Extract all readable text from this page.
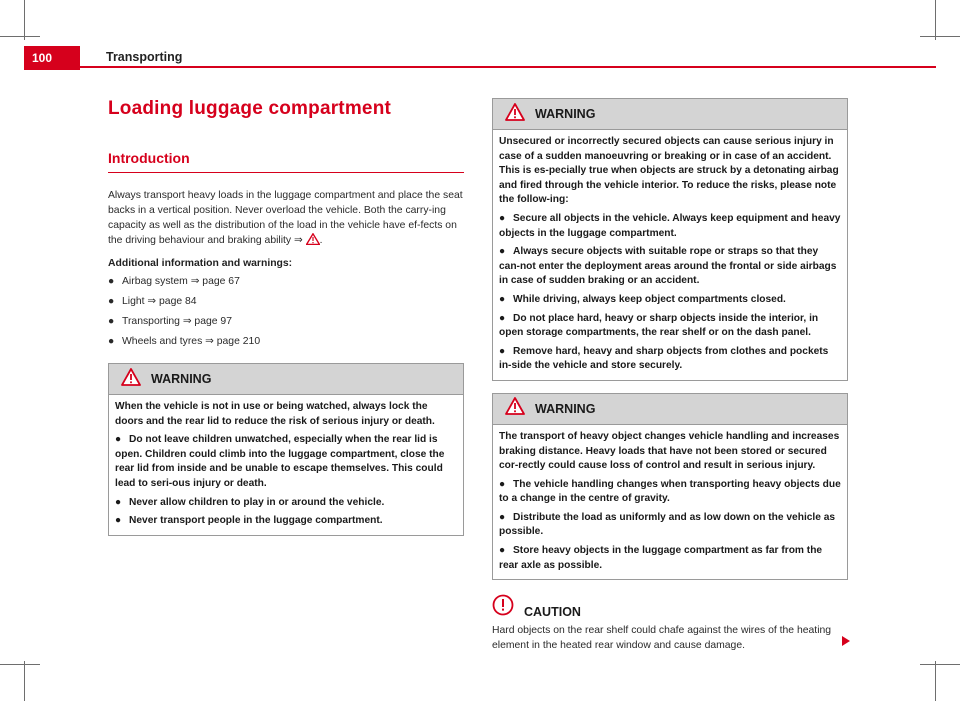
100	Transporting
Loading luggage compartment
Introduction

Always transport heavy loads in the luggage compartment and place the seat backs in a vertical position. Never overload the vehicle. Both the carry-ing capacity as well as the distribution of the load in the vehicle have ef-fects on the driving behaviour and braking ability ⇒ .

Additional information and warnings:

● Airbag system ⇒ page 67
● Light ⇒ page 84
● Transporting ⇒ page 97
● Wheels and tyres ⇒ page 210
WARNING

When the vehicle is not in use or being watched, always lock the doors and the rear lid to reduce the risk of serious injury or death.

● Do not leave children unwatched, especially when the rear lid is open. Children could climb into the luggage compartment, close the rear lid from inside and be unable to escape themselves. This could lead to seri-ous injury or death.

● Never allow children to play in or around the vehicle.

● Never transport people in the luggage compartment.

WARNING

Unsecured or incorrectly secured objects can cause serious injury in case of a sudden manoeuvring or breaking or in case of an accident. This is es-pecially true when objects are struck by a detonating airbag and fired through the vehicle interior. To reduce the risks, please note the follow-ing:

● Secure all objects in the vehicle. Always keep equipment and heavy objects in the luggage compartment.

● Always secure objects with suitable rope or straps so that they can-not enter the deployment areas around the frontal or side airbags in case of sudden braking or an accident.

● While driving, always keep object compartments closed.

● Do not place hard, heavy or sharp objects inside the interior, in open storage compartments, the rear shelf or on the dash panel.

● Remove hard, heavy and sharp objects from clothes and pockets in-side the vehicle and store securely.

WARNING

The transport of heavy object changes vehicle handling and increases braking distance. Heavy loads that have not been stored or secured cor-rectly could cause loss of control and result in serious injury.

● The vehicle handling changes when transporting heavy objects due to a change in the centre of gravity.

● Distribute the load as uniformly and as low down on the vehicle as possible.

● Store heavy objects in the luggage compartment as far from the rear axle as possible.

CAUTION

Hard objects on the rear shelf could chafe against the wires of the heating element in the heated rear window and cause damage.
